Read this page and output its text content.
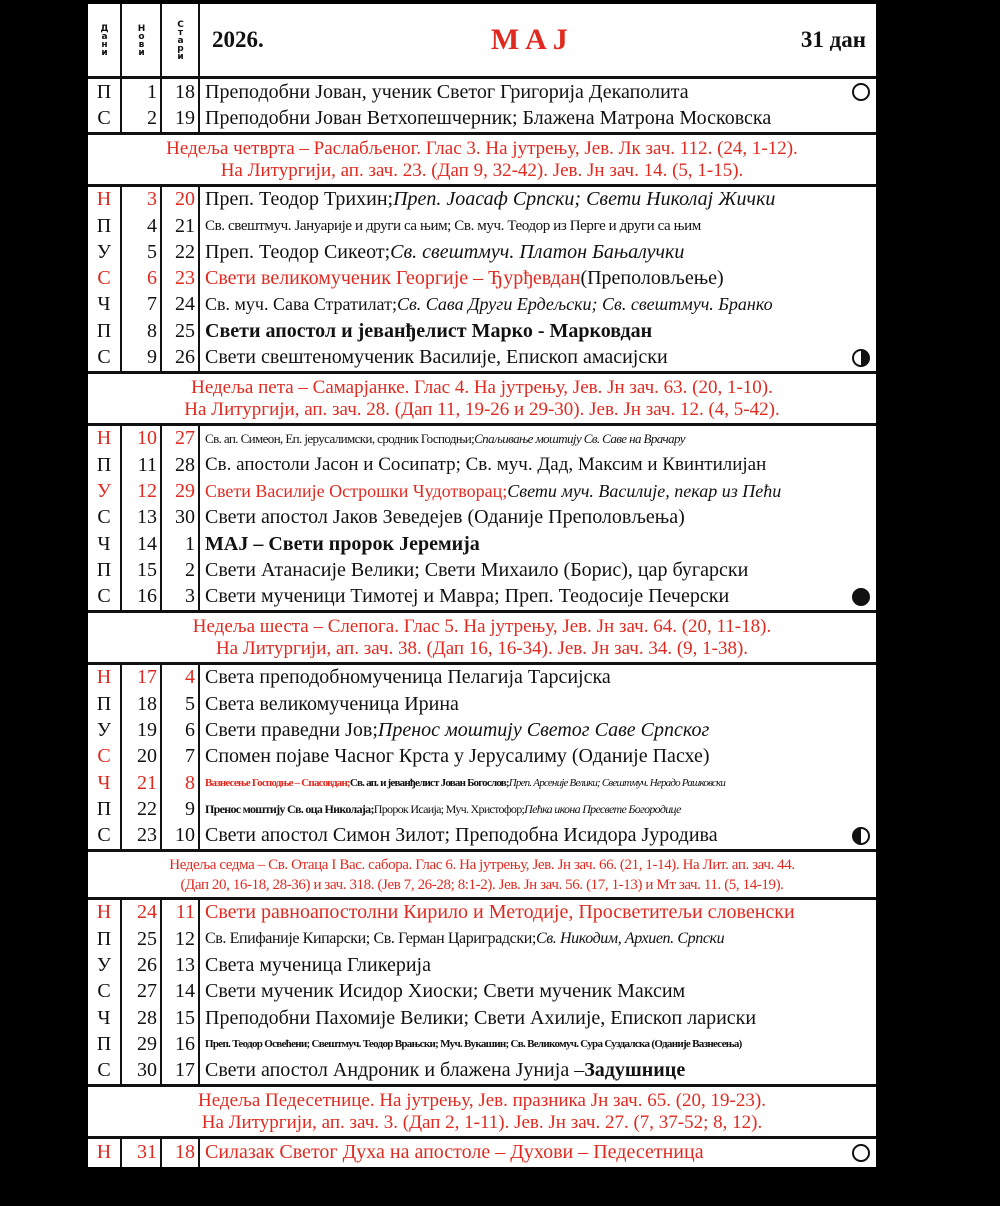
Дани	Нови	Стари 2026.	МАЈ	31 дан
П	1 18 Преподобни Јован, ученик Светог Григорија Декаполита
С	2 19 Преподобни Јован Ветхопешчерник; Блажена Матрона Московска
Недеља четврта – Раслабљеног. Глас 3. На јутрењу, Јев. Лк зач. 112. (24, 1-12).
На Литургији, ап. зач. 23. (Дап 9, 32-42). Јев. Јн зач. 14. (5, 1-15).
Н	3 20 Преп. Теодор Трихин; Преп. Јоасаф Српски; Свети Николај Жички
П	4 21 Св. свештмуч. Јануарије и други са њим; Св. муч. Теодор из Перге и други са њим
У	5 22 Преп. Теодор Сикеот; Св. свештмуч. Платон Бањалучки
С	6 23 Свети великомученик Георгије – Ђурђевдан (Преполовљење)
Ч	7 24 Св. муч. Сава Стратилат; Св. Сава Други Ердељски; Св. свештмуч. Бранко
П	8 25 Свети апостол и јеванђелист Марко - Марковдан
С	9 26 Свети свештеномученик Василије, Епископ амасијски
Недеља пета – Самарјанке. Глас 4. На јутрењу, Јев. Јн зач. 63. (20, 1-10).
На Литургији, ап. зач. 28. (Дап 11, 19-26 и 29-30). Јев. Јн зач. 12. (4, 5-42).
Н	10 27 Св. ап. Симеон, Еп. јерусалимски, сродник Господњи; Спаљивање моштију Св. Саве на Врачару
П	11 28 Св. апостоли Јасон и Сосипатр; Св. муч. Дад, Максим и Квинтилијан
У	12 29 Свети Василије Острошки Чудотворац; Свети муч. Василије, пекар из Пећи
С	13 30 Свети апостол Јаков Зеведејев (Оданије Преполовљења)
Ч	14	1 МАЈ – Свети пророк Јеремија
П	15	2 Свети Атанасије Велики; Свети Михаило (Борис), цар бугарски
С	16	3 Свети мученици Тимотеј и Мавра; Преп. Теодосије Печерски
Недеља шеста – Слепога. Глас 5. На јутрењу, Јев. Јн зач. 64. (20, 11-18).
На Литургији, ап. зач. 38. (Дап 16, 16-34). Јев. Јн зач. 34. (9, 1-38).
Н	17	4 Света преподобномученица Пелагија Тарсијска
П	18	5 Света великомученица Ирина
У	19	6 Свети праведни Јов; Пренос моштију Светог Саве Српског
С	20	7 Спомен појаве Часног Крста у Јерусалиму (Оданије Пасхе)
Ч	21	8 Вазнесење Господње – Спасовдан; Св. ап. и јеванђелист Јован Богослов; Преп. Арсеније Велики; Свештмуч. Нерадо Рашковски
П	22	9 Пренос моштију Св. оца Николаја; Пророк Исаија; Муч. Христофор; Пећка икона Пресвете Богородице
С	23 10 Свети апостол Симон Зилот; Преподобна Исидора Јуродива
Недеља седма – Св. Отаца I Вас. сабора. Глас 6. На јутрењу, Јев. Јн зач. 66. (21, 1-14). На Лит. ап. зач. 44.
(Дап 20, 16-18, 28-36) и зач. 318. (Јев 7, 26-28; 8:1-2). Јев. Јн зач. 56. (17, 1-13) и Мт зач. 11. (5, 14-19).
Н	24 11 Свети равноапостолни Кирило и Методије, Просветитељи словенски
П	25 12 Св. Епифаније Кипарски; Св. Герман Цариградски; Св. Никодим, Архиеп. Српски
У	26 13 Света мученица Гликерија
С	27 14 Свети мученик Исидор Хиоски; Свети мученик Максим
Ч	28 15 Преподобни Пахомије Велики; Свети Ахилије, Епископ лариски
П	29 16 Преп. Теодор Освећени; Свештмуч. Теодор Врањски; Муч. Вукашин; Св. Великомуч. Сура Суздалска (Оданије Вазнесења)
С	30 17 Свети апостол Андроник и блажена Јунија – Задушнице
Недеља Педесетнице. На јутрењу, Јев. празника Јн зач. 65. (20, 19-23).
На Литургији, ап. зач. 3. (Дап 2, 1-11). Јев. Јн зач. 27. (7, 37-52; 8, 12).
Н	31 18 Силазак Светог Духа на апостоле – Духови – Педесетница
